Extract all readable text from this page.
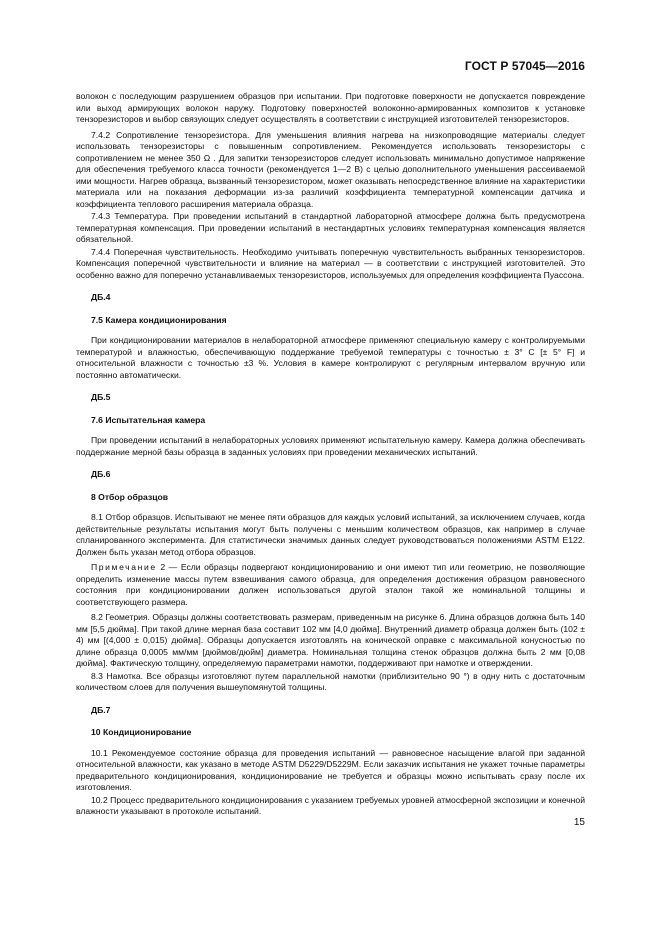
ГОСТ Р 57045—2016

волокон с последующим разрушением образцов при испытании. При подготовке поверхности не допускается повреждение или выход армирующих волокон наружу. Подготовку поверхностей волоконно-армированных композитов к установке тензорезисторов и выбор связующих следует осуществлять в соответствии с инструкцией изготовителей тензорезисторов.

7.4.2 Сопротивление тензорезистора. Для уменьшения влияния нагрева на низкопроводящие материалы следует использовать тензорезисторы с повышенным сопротивлением. Рекомендуется использовать тензорезисторы с сопротивлением не менее 350 Ω . Для запитки тензорезисторов следует использовать минимально допустимое напряжение для обеспечения требуемого класса точности (рекомендуется 1—2 В) с целью дополнительного уменьшения рассеиваемой ими мощности. Нагрев образца, вызванный тензорезистором, может оказывать непосредственное влияние на характеристики материала или на показания деформации из-за различий коэффициента температурной компенсации датчика и коэффициента теплового расширения материала образца.

7.4.3 Температура. При проведении испытаний в стандартной лабораторной атмосфере должна быть предусмотрена температурная компенсация. При проведении испытаний в нестандартных условиях температурная компенсация является обязательной.

7.4.4 Поперечная чувствительность. Необходимо учитывать поперечную чувствительность выбранных тензорезисторов. Компенсация поперечной чувствительности и влияние на материал — в соответствии с инструкцией изготовителей. Это особенно важно для поперечно устанавливаемых тензорезисторов, используемых для определения коэффициента Пуассона.

ДБ.4
7.5 Камера кондиционирования

При кондиционировании материалов в нелабораторной атмосфере применяют специальную камеру с контролируемыми температурой и влажностью, обеспечивающую поддержание требуемой температуры с точностью ± 3° С [± 5° F] и относительной влажности с точностью ±3 %. Условия в камере контролируют с регулярным интервалом вручную или постоянно автоматически.

ДБ.5
7.6 Испытательная камера

При проведении испытаний в нелабораторных условиях применяют испытательную камеру. Камера должна обеспечивать поддержание мерной базы образца в заданных условиях при проведении механических испытаний.

ДБ.6
8 Отбор образцов

8.1 Отбор образцов. Испытывают не менее пяти образцов для каждых условий испытаний, за исключением случаев, когда действительные результаты испытания могут быть получены с меньшим количеством образцов, как например в случае спланированного эксперимента. Для статистически значимых данных следует руководствоваться положениями ASTM E122. Должен быть указан метод отбора образцов.

Примечание 2 — Если образцы подвергают кондиционированию и они имеют тип или геометрию, не позволяющие определить изменение массы путем взвешивания самого образца, для определения достижения образцом равновесного состояния при кондиционировании должен использоваться другой эталон такой же номинальной толщины и соответствующего размера.

8.2 Геометрия. Образцы должны соответствовать размерам, приведенным на рисунке 6. Длина образцов должна быть 140 мм [5,5 дюйма]. При такой длине мерная база составит 102 мм [4,0 дюйма]. Внутренний диаметр образца должен быть (102 ± 4) мм [(4,000 ± 0,015) дюйма]. Образцы допускается изготовлять на конической оправке с максимальной конусностью по длине образца 0,0005 мм/мм [дюймов/дюйм] диаметра. Номинальная толщина стенок образцов должна быть 2 мм [0,08 дюйма]. Фактическую толщину, определяемую параметрами намотки, поддерживают при намотке и отверждении.

8.3 Намотка. Все образцы изготовляют путем параллельной намотки (приблизительно 90 °) в одну нить с достаточным количеством слоев для получения вышеупомянутой толщины.

ДБ.7
10 Кондиционирование

10.1 Рекомендуемое состояние образца для проведения испытаний — равновесное насыщение влагой при заданной относительной влажности, как указано в методе ASTM D5229/D5229M. Если заказчик испытания не укажет точные параметры предварительного кондиционирования, кондиционирование не требуется и образцы можно испытывать сразу после их изготовления.

10.2 Процесс предварительного кондиционирования с указанием требуемых уровней атмосферной экспозиции и конечной влажности указывают в протоколе испытаний.

15
